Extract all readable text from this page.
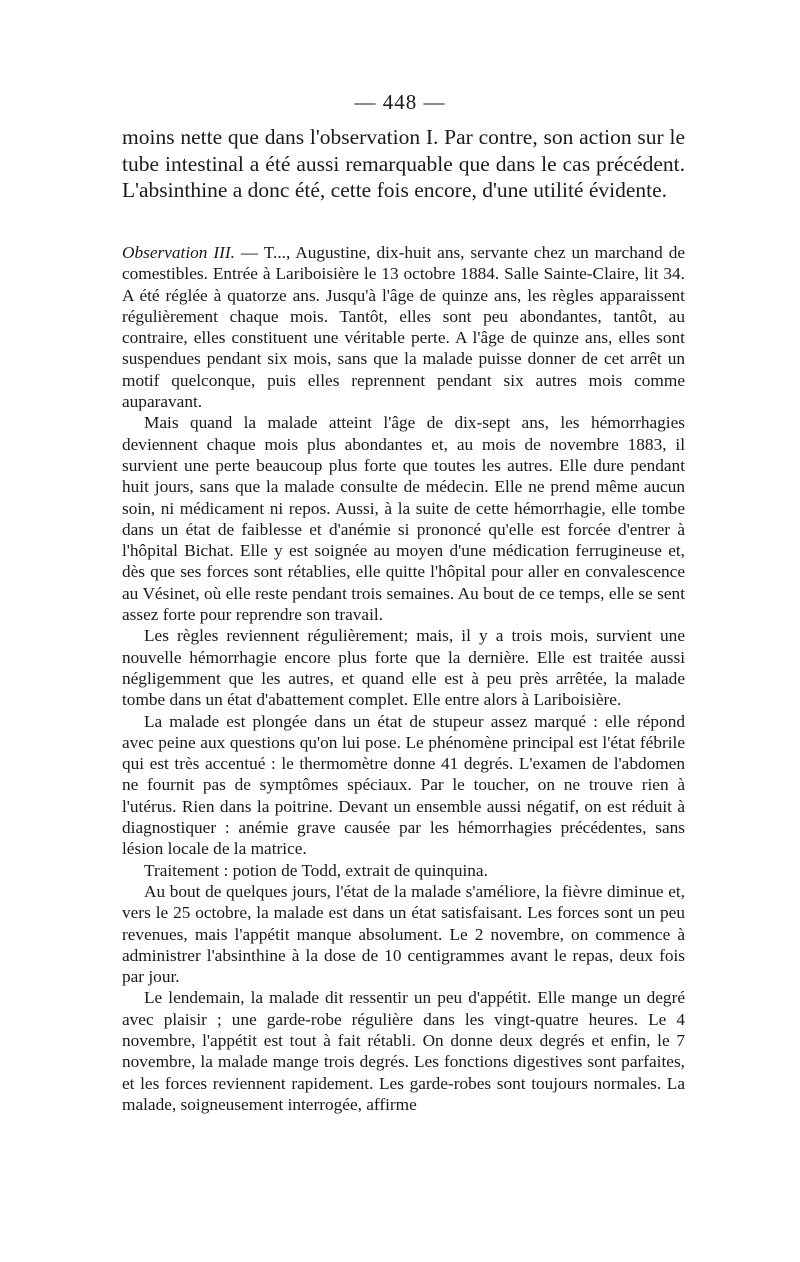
— 448 —
moins nette que dans l'observation I. Par contre, son action sur le tube intestinal a été aussi remarquable que dans le cas précédent. L'absinthine a donc été, cette fois encore, d'une utilité évidente.

Observation III. — T..., Augustine, dix-huit ans, servante chez un marchand de comestibles. Entrée à Lariboisière le 13 octobre 1884. Salle Sainte-Claire, lit 34. A été réglée à quatorze ans. Jusqu'à l'âge de quinze ans, les règles apparaissent régulièrement chaque mois. Tantôt, elles sont peu abondantes, tantôt, au contraire, elles constituent une véritable perte. A l'âge de quinze ans, elles sont suspendues pendant six mois, sans que la malade puisse donner de cet arrêt un motif quelconque, puis elles reprennent pendant six autres mois comme auparavant.

Mais quand la malade atteint l'âge de dix-sept ans, les hémorrhagies deviennent chaque mois plus abondantes et, au mois de novembre 1883, il survient une perte beaucoup plus forte que toutes les autres. Elle dure pendant huit jours, sans que la malade consulte de médecin. Elle ne prend même aucun soin, ni médicament ni repos. Aussi, à la suite de cette hémorrhagie, elle tombe dans un état de faiblesse et d'anémie si prononcé qu'elle est forcée d'entrer à l'hôpital Bichat. Elle y est soignée au moyen d'une médication ferrugineuse et, dès que ses forces sont rétablies, elle quitte l'hôpital pour aller en convalescence au Vésinet, où elle reste pendant trois semaines. Au bout de ce temps, elle se sent assez forte pour reprendre son travail.

Les règles reviennent régulièrement; mais, il y a trois mois, survient une nouvelle hémorrhagie encore plus forte que la dernière. Elle est traitée aussi négligemment que les autres, et quand elle est à peu près arrêtée, la malade tombe dans un état d'abattement complet. Elle entre alors à Lariboisière.

La malade est plongée dans un état de stupeur assez marqué : elle répond avec peine aux questions qu'on lui pose. Le phénomène principal est l'état fébrile qui est très accentué : le thermomètre donne 41 degrés. L'examen de l'abdomen ne fournit pas de symptômes spéciaux. Par le toucher, on ne trouve rien à l'utérus. Rien dans la poitrine. Devant un ensemble aussi négatif, on est réduit à diagnostiquer : anémie grave causée par les hémorrhagies précédentes, sans lésion locale de la matrice.

Traitement : potion de Todd, extrait de quinquina.

Au bout de quelques jours, l'état de la malade s'améliore, la fièvre diminue et, vers le 25 octobre, la malade est dans un état satisfaisant. Les forces sont un peu revenues, mais l'appétit manque absolument. Le 2 novembre, on commence à administrer l'absinthine à la dose de 10 centigrammes avant le repas, deux fois par jour.

Le lendemain, la malade dit ressentir un peu d'appétit. Elle mange un degré avec plaisir ; une garde-robe régulière dans les vingt-quatre heures. Le 4 novembre, l'appétit est tout à fait rétabli. On donne deux degrés et enfin, le 7 novembre, la malade mange trois degrés. Les fonctions digestives sont parfaites, et les forces reviennent rapidement. Les garde-robes sont toujours normales. La malade, soigneusement interrogée, affirme
